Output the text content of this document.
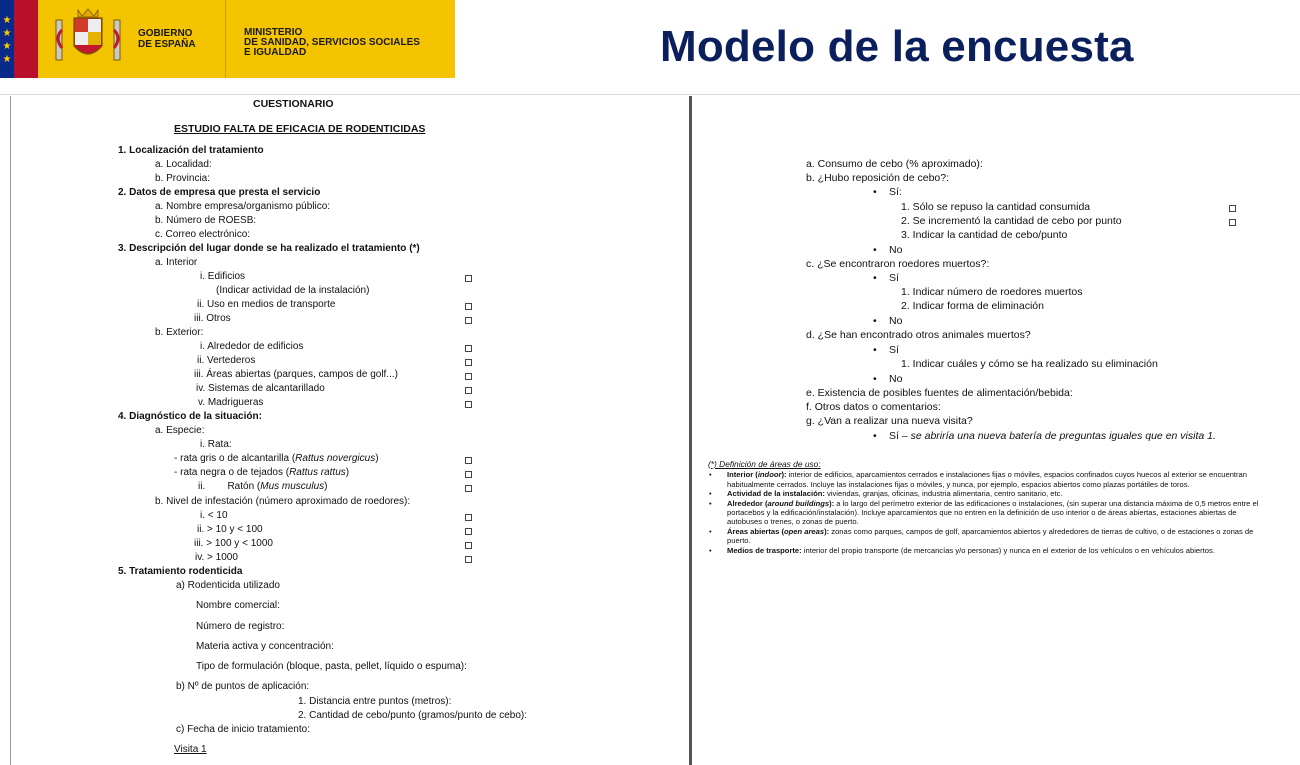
★ ★ ★ ★
GOBIERNO
DE ESPAÑA
MINISTERIO
DE SANIDAD, SERVICIOS SOCIALES
E IGUALDAD	Modelo de la encuesta
CUESTIONARIO
ESTUDIO FALTA DE EFICACIA DE RODENTICIDAS
1. Localización del tratamiento
a. Localidad:
b. Provincia:
2. Datos de empresa que presta el servicio
a. Nombre empresa/organismo público:
b. Número de ROESB:
c. Correo electrónico:
3. Descripción del lugar donde se ha realizado el tratamiento (*)
a. Interior
i. Edificios
(Indicar actividad de la instalación)
ii. Uso en medios de transporte
iii. Otros
b. Exterior:
i. Alrededor de edificios
ii. Vertederos
iii. Áreas abiertas (parques, campos de golf...)
iv. Sistemas de alcantarillado
v. Madrigueras
4. Diagnóstico de la situación:
a. Especie:
i. Rata:
- rata gris o de alcantarilla (Rattus novergicus)
- rata negra o de tejados (Rattus rattus)
ii.        Ratón (Mus musculus)
b. Nivel de infestación (número aproximado de roedores):
i. < 10
ii. > 10 y < 100
iii. > 100 y < 1000
iv. > 1000
5. Tratamiento rodenticida
a) Rodenticida utilizado
Nombre comercial:
Número de registro:
Materia activa y concentración:
Tipo de formulación (bloque, pasta, pellet, líquido o espuma):
b) Nº de puntos de aplicación:
1. Distancia entre puntos (metros):
2. Cantidad de cebo/punto (gramos/punto de cebo):
c) Fecha de inicio tratamiento:
Visita 1
a. Consumo de cebo (% aproximado):
b. ¿Hubo reposición de cebo?:
• Sí:
1. Sólo se repuso la cantidad consumida
2. Se incrementó la cantidad de cebo por punto
3. Indicar la cantidad de cebo/punto
• No
c. ¿Se encontraron roedores muertos?:
• Sí
1. Indicar número de roedores muertos
2. Indicar forma de eliminación
• No
d. ¿Se han encontrado otros animales muertos?
• Sí
1. Indicar cuáles y cómo se ha realizado su eliminación
• No
e. Existencia de posibles fuentes de alimentación/bebida:
f. Otros datos o comentarios:
g. ¿Van a realizar una nueva visita?
• Sí – se abriría una nueva batería de preguntas iguales que en visita 1.

(*) Definición de áreas de uso:

• Interior (indoor): interior de edificios, aparcamientos cerrados e instalaciones fijas o móviles, espacios confinados cuyos huecos al exterior se encuentran habitualmente cerrados. Incluye las instalaciones fijas o móviles, y nunca, por ejemplo, espacios abiertos como plazas portátiles de toros.

• Actividad de la instalación: viviendas, granjas, oficinas, industria alimentaria, centro sanitario, etc.

• Alrededor (around buildings): a lo largo del perímetro exterior de las edificaciones o instalaciones, (sin superar una distancia máxima de 0,5 metros entre el portacebos y la edificación/instalación). Incluye aparcamientos que no entren en la definición de uso interior o de áreas abiertas, estaciones abiertas de autobuses o trenes, o zonas de puerto.

• Áreas abiertas (open areas): zonas como parques, campos de golf, aparcamientos abiertos y alrededores de tierras de cultivo, o de estaciones o zonas de puerto.

• Medios de trasporte: interior del propio transporte (de mercancías y/o personas) y nunca en el exterior de los vehículos o en vehículos abiertos.
